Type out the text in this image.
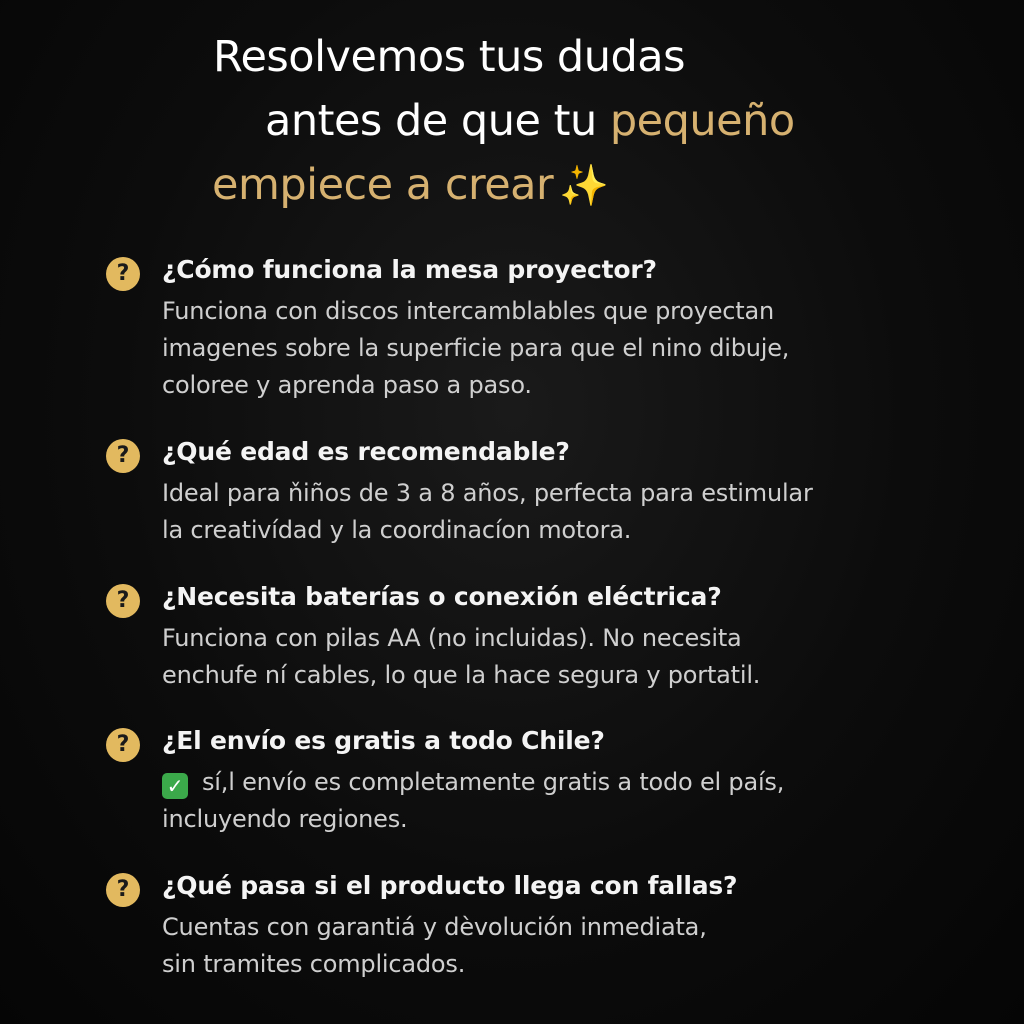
Resolvemos tus dudas
antes de que tu pequeño
empiece a crear ✨
?	¿Cómo funciona la mesa proyector?
Funciona con discos intercamblables que proyectan
imagenes sobre la superficie para que el nino dibuje,
coloree y aprenda paso a paso.
?	¿Qué edad es recomendable?
Ideal para ňiños de 3 a 8 años, perfecta para estimular
la creativídad y la coordinacíon motora.
?	¿Necesita baterías o conexión eléctrica?
Funciona con pilas AA (no incluidas). No necesita
enchufe ní cables, lo que la hace segura y portatil.
?	¿El envío es gratis a todo Chile?
✓ sí,l envío es completamente gratis a todo el país,
incluyendo regiones.
?	¿Qué pasa si el producto llega con fallas?
Cuentas con garantiá y dèvolución inmediata,
sin tramites complicados.
